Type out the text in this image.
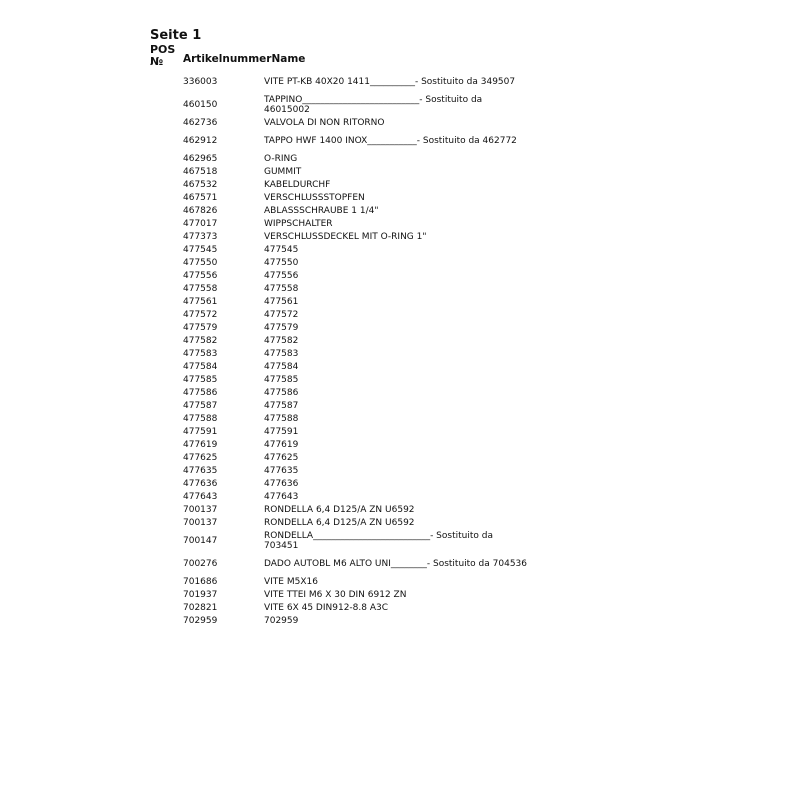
Seite 1
POS
№	ArtikelnummerName
336003	VITE PT-KB 40X20 1411__________- Sostituito da 349507
460150	TAPPINO__________________________- Sostituito da 46015002
462736	VALVOLA DI NON RITORNO
462912	TAPPO HWF 1400 INOX___________- Sostituito da 462772
462965	O-RING
467518	GUMMIT
467532	KABELDURCHF
467571	VERSCHLUSSSTOPFEN
467826	ABLASSSCHRAUBE 1 1/4"
477017	WIPPSCHALTER
477373	VERSCHLUSSDECKEL MIT O-RING 1"
477545	477545
477550	477550
477556	477556
477558	477558
477561	477561
477572	477572
477579	477579
477582	477582
477583	477583
477584	477584
477585	477585
477586	477586
477587	477587
477588	477588
477591	477591
477619	477619
477625	477625
477635	477635
477636	477636
477643	477643
700137	RONDELLA 6,4 D125/A ZN U6592
700137	RONDELLA 6,4 D125/A ZN U6592
700147	RONDELLA__________________________- Sostituito da 703451
700276	DADO AUTOBL M6 ALTO UNI________- Sostituito da 704536
701686	VITE M5X16
701937	VITE TTEI M6 X 30 DIN 6912 ZN
702821	VITE 6X 45 DIN912-8.8 A3C
702959	702959
